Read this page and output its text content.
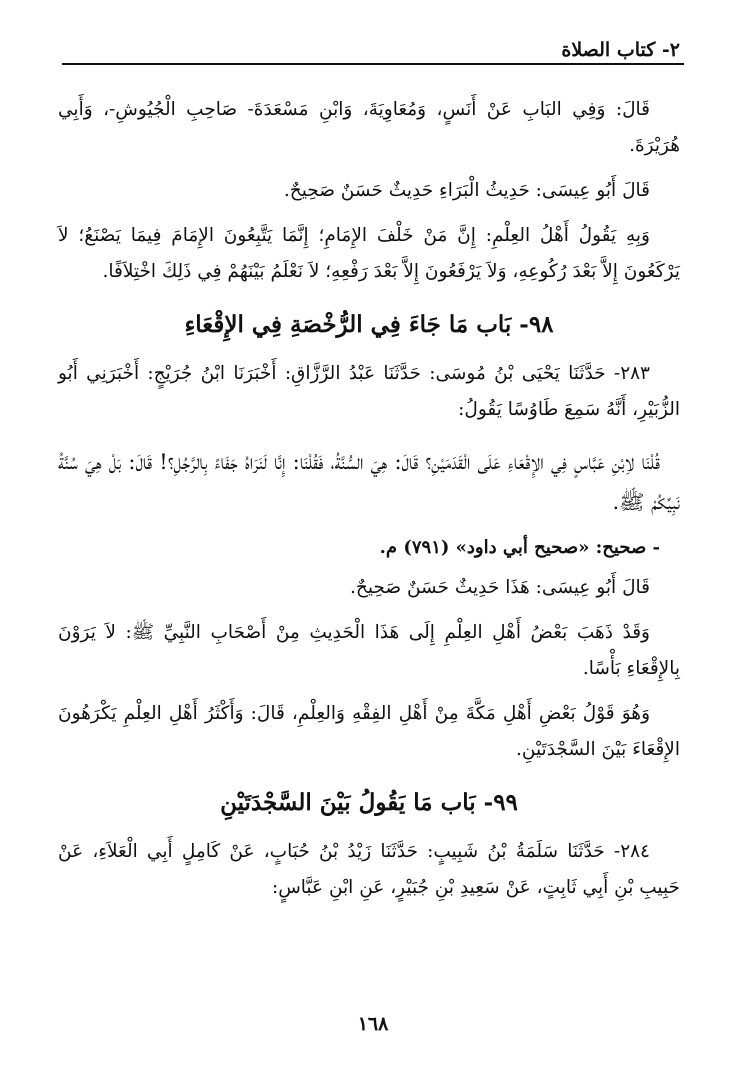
٢- كتاب الصلاة

قَالَ: وَفِي البَابِ عَنْ أَنَسٍ، وَمُعَاوِيَةَ، وَابْنِ مَسْعَدَةَ- صَاحِبِ الْجُيُوشِ-، وَأَبِي هُرَيْرَةَ.

قَالَ أَبُو عِيسَى: حَدِيثُ الْبَرَاءِ حَدِيثٌ حَسَنٌ صَحِيحٌ.

وَبِهِ يَقُولُ أَهْلُ العِلْمِ: إِنَّ مَنْ خَلْفَ الإِمَامِ؛ إِنَّمَا يَتَّبِعُونَ الإِمَامَ فِيمَا يَصْنَعُ؛ لاَ يَرْكَعُونَ إِلاَّ بَعْدَ رُكُوعِهِ، وَلاَ يَرْفَعُونَ إِلاَّ بَعْدَ رَفْعِهِ؛ لاَ نَعْلَمُ بَيْنَهُمْ فِي ذَلِكَ اخْتِلاَفًا.

٩٨- بَاب مَا جَاءَ فِي الرُّخْصَةِ فِي الإِقْعَاءِ

٢٨٣- حَدَّثَنَا يَحْيَى بْنُ مُوسَى: حَدَّثَنَا عَبْدُ الرَّزَّاقِ: أَخْبَرَنَا ابْنُ جُرَيْجٍ: أَخْبَرَنِي أَبُو الزُّبَيْرِ، أَنَّهُ سَمِعَ طَاوُسًا يَقُولُ:

قُلْنَا لاِبْنِ عَبَّاسٍ فِي الإِقْعَاءِ عَلَى الْقَدَمَيْنِ؟ قَالَ: هِيَ السُّنَّةُ، فَقُلْنَا: إِنَّا لَنَرَاهُ جَفَاءً بِالرَّجُلِ؟! قَالَ: بَلْ هِيَ سُنَّةُ نَبِيِّكُمْ ﷺ.

- صحيح: «صحيح أبي داود» (٧٩١) م.

قَالَ أَبُو عِيسَى: هَذَا حَدِيثٌ حَسَنٌ صَحِيحٌ.

وَقَدْ ذَهَبَ بَعْضُ أَهْلِ العِلْمِ إِلَى هَذَا الْحَدِيثِ مِنْ أَصْحَابِ النَّبِيِّ ﷺ: لاَ يَرَوْنَ بِالإِقْعَاءِ بَأْسًا.

وَهُوَ قَوْلُ بَعْضِ أَهْلِ مَكَّةَ مِنْ أَهْلِ الفِقْهِ وَالعِلْمِ، قَالَ: وَأَكْثَرُ أَهْلِ العِلْمِ يَكْرَهُونَ الإِقْعَاءَ بَيْنَ السَّجْدَتَيْنِ.

٩٩- بَاب مَا يَقُولُ بَيْنَ السَّجْدَتَيْنِ

٢٨٤- حَدَّثَنَا سَلَمَةُ بْنُ شَبِيبٍ: حَدَّثَنَا زَيْدُ بْنُ حُبَابٍ، عَنْ كَامِلٍ أَبِي الْعَلاَءِ، عَنْ حَبِيبِ بْنِ أَبِي ثَابِتٍ، عَنْ سَعِيدِ بْنِ جُبَيْرٍ، عَنِ ابْنِ عَبَّاسٍ:

١٦٨
